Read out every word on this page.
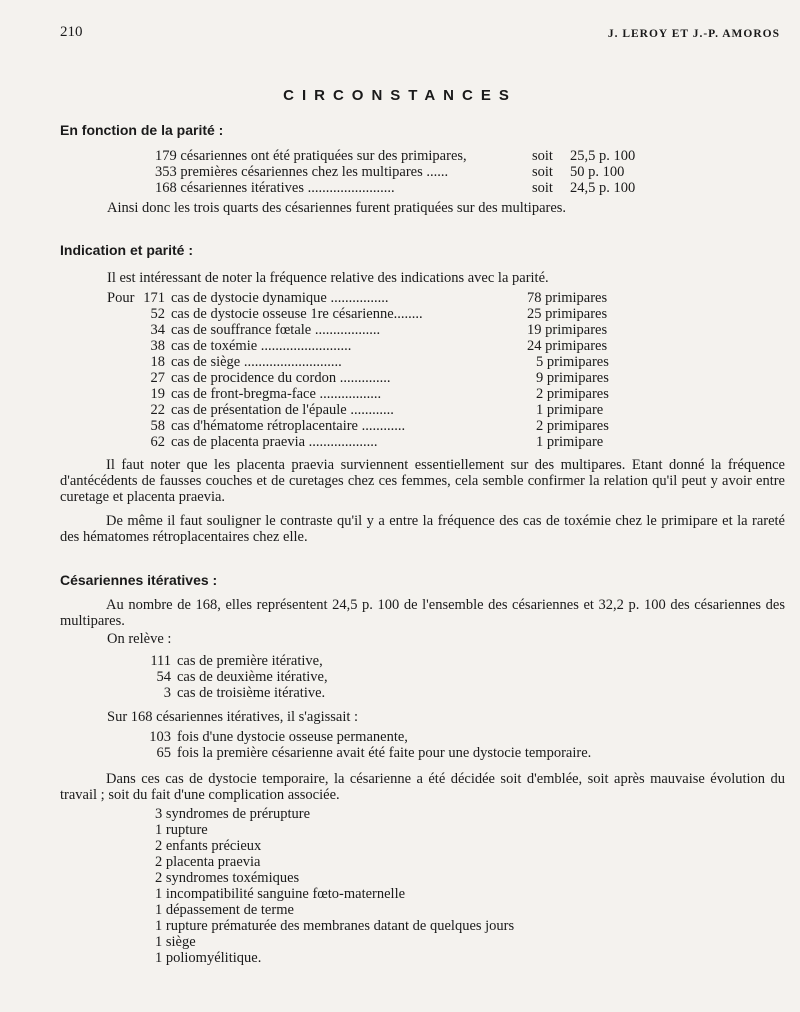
210	J. LEROY ET J.-P. AMOROS
CIRCONSTANCES
En fonction de la parité :
179 césariennes ont été pratiquées sur des primipares,	soit	25,5 p. 100
353 premières césariennes chez les multipares ......	soit	50 p. 100
168 césariennes itératives ........................	soit	24,5 p. 100
Ainsi donc les trois quarts des césariennes furent pratiquées sur des multipares.
Indication et parité :
Il est intéressant de noter la fréquence relative des indications avec la parité.
Pour	171	cas de dystocie dynamique ................		78 primipares
	52	cas de dystocie osseuse 1re césarienne........		25 primipares
	34	cas de souffrance fœtale ..................		19 primipares
	38	cas de toxémie .........................		24 primipares
	18	cas de siège ...........................		5 primipares
	27	cas de procidence du cordon ..............		9 primipares
	19	cas de front-bregma-face .................		2 primipares
	22	cas de présentation de l'épaule ............		1 primipare
	58	cas d'hématome rétroplacentaire ............		2 primipares
	62	cas de placenta praevia ...................		1 primipare
Il faut noter que les placenta praevia surviennent essentiellement sur des multipares. Etant donné la fréquence d'antécédents de fausses couches et de curetages chez ces femmes, cela semble confirmer la relation qu'il peut y avoir entre curetage et placenta praevia.
De même il faut souligner le contraste qu'il y a entre la fréquence des cas de toxémie chez le primipare et la rareté des hématomes rétroplacentaires chez elle.
Césariennes itératives :
Au nombre de 168, elles représentent 24,5 p. 100 de l'ensemble des césariennes et 32,2 p. 100 des césariennes des multipares.
On relève :
111	cas de première itérative,
54	cas de deuxième itérative,
3	cas de troisième itérative.
Sur 168 césariennes itératives, il s'agissait :
103	fois d'une dystocie osseuse permanente,
65	fois la première césarienne avait été faite pour une dystocie temporaire.
Dans ces cas de dystocie temporaire, la césarienne a été décidée soit d'emblée, soit après mauvaise évolution du travail ; soit du fait d'une complication associée.
3 syndromes de prérupture
1 rupture
2 enfants précieux
2 placenta praevia
2 syndromes toxémiques
1 incompatibilité sanguine fœto-maternelle
1 dépassement de terme
1 rupture prématurée des membranes datant de quelques jours
1 siège
1 poliomyélitique.
